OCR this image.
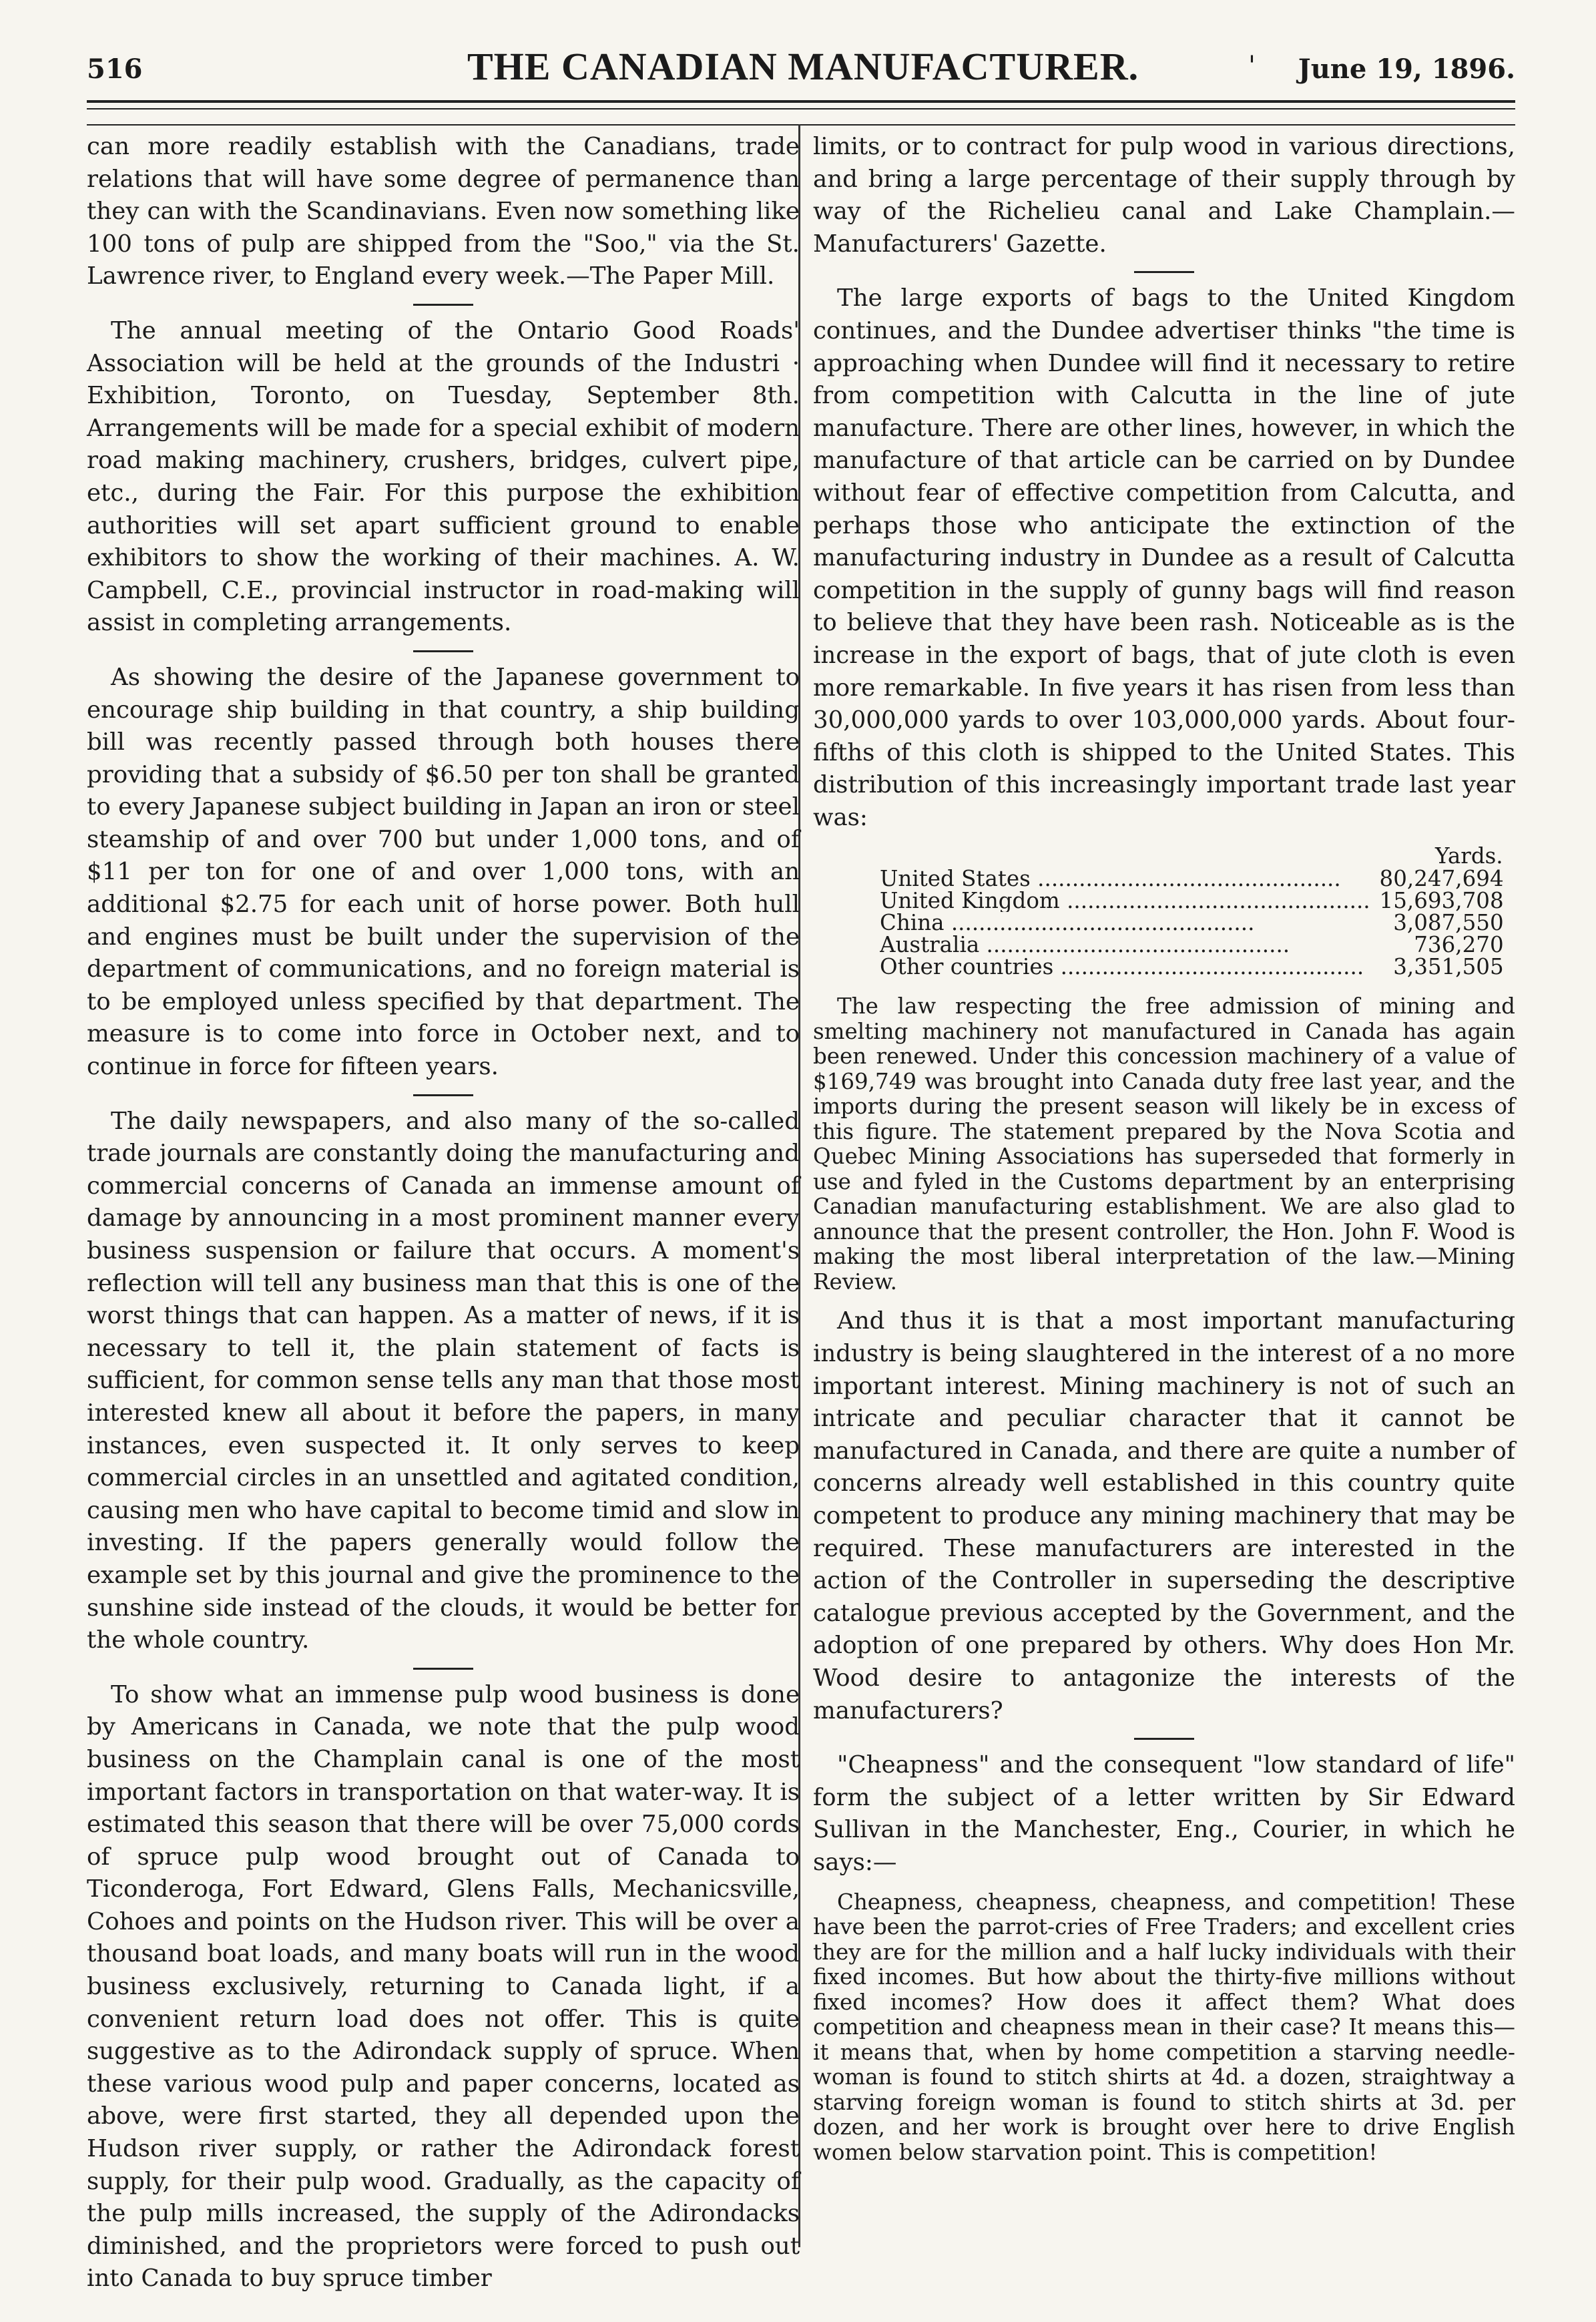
516	THE CANADIAN MANUFACTURER.	' June 19, 1896.

can more readily establish with the Canadians, trade relations that will have some degree of permanence than they can with the Scandinavians. Even now something like 100 tons of pulp are shipped from the "Soo," via the St. Lawrence river, to England every week.—The Paper Mill.

The annual meeting of the Ontario Good Roads' Association will be held at the grounds of the Industri · Exhibition, Toronto, on Tuesday, September 8th. Arrangements will be made for a special exhibit of modern road making machinery, crushers, bridges, culvert pipe, etc., during the Fair. For this purpose the exhibition authorities will set apart sufficient ground to enable exhibitors to show the working of their machines. A. W. Campbell, C.E., provincial instructor in road-making will assist in completing arrangements.

As showing the desire of the Japanese government to encourage ship building in that country, a ship building bill was recently passed through both houses there providing that a subsidy of $6.50 per ton shall be granted to every Japanese subject building in Japan an iron or steel steamship of and over 700 but under 1,000 tons, and of $11 per ton for one of and over 1,000 tons, with an additional $2.75 for each unit of horse power. Both hull and engines must be built under the supervision of the department of communications, and no foreign material is to be employed unless specified by that department. The measure is to come into force in October next, and to continue in force for fifteen years.

The daily newspapers, and also many of the so-called trade journals are constantly doing the manufacturing and commercial concerns of Canada an immense amount of damage by announcing in a most prominent manner every business suspension or failure that occurs. A moment's reflection will tell any business man that this is one of the worst things that can happen. As a matter of news, if it is necessary to tell it, the plain statement of facts is sufficient, for common sense tells any man that those most interested knew all about it before the papers, in many instances, even suspected it. It only serves to keep commercial circles in an unsettled and agitated condition, causing men who have capital to become timid and slow in investing. If the papers generally would follow the example set by this journal and give the prominence to the sunshine side instead of the clouds, it would be better for the whole country.

To show what an immense pulp wood business is done by Americans in Canada, we note that the pulp wood business on the Champlain canal is one of the most important factors in transportation on that water-way. It is estimated this season that there will be over 75,000 cords of spruce pulp wood brought out of Canada to Ticonderoga, Fort Edward, Glens Falls, Mechanicsville, Cohoes and points on the Hudson river. This will be over a thousand boat loads, and many boats will run in the wood business exclusively, returning to Canada light, if a convenient return load does not offer. This is quite suggestive as to the Adirondack supply of spruce. When these various wood pulp and paper concerns, located as above, were first started, they all depended upon the Hudson river supply, or rather the Adirondack forest supply, for their pulp wood. Gradually, as the capacity of the pulp mills increased, the supply of the Adirondacks diminished, and the proprietors were forced to push out into Canada to buy spruce timber

limits, or to contract for pulp wood in various directions, and bring a large percentage of their supply through by way of the Richelieu canal and Lake Champlain.—Manufacturers' Gazette.

The large exports of bags to the United Kingdom continues, and the Dundee advertiser thinks "the time is approaching when Dundee will find it necessary to retire from competition with Calcutta in the line of jute manufacture. There are other lines, however, in which the manufacture of that article can be carried on by Dundee without fear of effective competition from Calcutta, and perhaps those who anticipate the extinction of the manufacturing industry in Dundee as a result of Calcutta competition in the supply of gunny bags will find reason to believe that they have been rash. Noticeable as is the increase in the export of bags, that of jute cloth is even more remarkable. In five years it has risen from less than 30,000,000 yards to over 103,000,000 yards. About four-fifths of this cloth is shipped to the United States. This distribution of this increasingly important trade last year was:

	Yards.
United States ............................................	80,247,694
United Kingdom ............................................	15,693,708
China ............................................	3,087,550
Australia ............................................	736,270
Other countries ............................................	3,351,505

The law respecting the free admission of mining and smelting machinery not manufactured in Canada has again been renewed. Under this concession machinery of a value of $169,749 was brought into Canada duty free last year, and the imports during the present season will likely be in excess of this figure. The statement prepared by the Nova Scotia and Quebec Mining Associations has superseded that formerly in use and fyled in the Customs department by an enterprising Canadian manufacturing establishment. We are also glad to announce that the present controller, the Hon. John F. Wood is making the most liberal interpretation of the law.—Mining Review.

And thus it is that a most important manufacturing industry is being slaughtered in the interest of a no more important interest. Mining machinery is not of such an intricate and peculiar character that it cannot be manufactured in Canada, and there are quite a number of concerns already well established in this country quite competent to produce any mining machinery that may be required. These manufacturers are interested in the action of the Controller in superseding the descriptive catalogue previous accepted by the Government, and the adoption of one prepared by others. Why does Hon Mr. Wood desire to antagonize the interests of the manufacturers?

"Cheapness" and the consequent "low standard of life" form the subject of a letter written by Sir Edward Sullivan in the Manchester, Eng., Courier, in which he says:—

Cheapness, cheapness, cheapness, and competition! These have been the parrot-cries of Free Traders; and excellent cries they are for the million and a half lucky individuals with their fixed incomes. But how about the thirty-five millions without fixed incomes? How does it affect them? What does competition and cheapness mean in their case? It means this—it means that, when by home competition a starving needle-woman is found to stitch shirts at 4d. a dozen, straightway a starving foreign woman is found to stitch shirts at 3d. per dozen, and her work is brought over here to drive English women below starvation point. This is competition!
